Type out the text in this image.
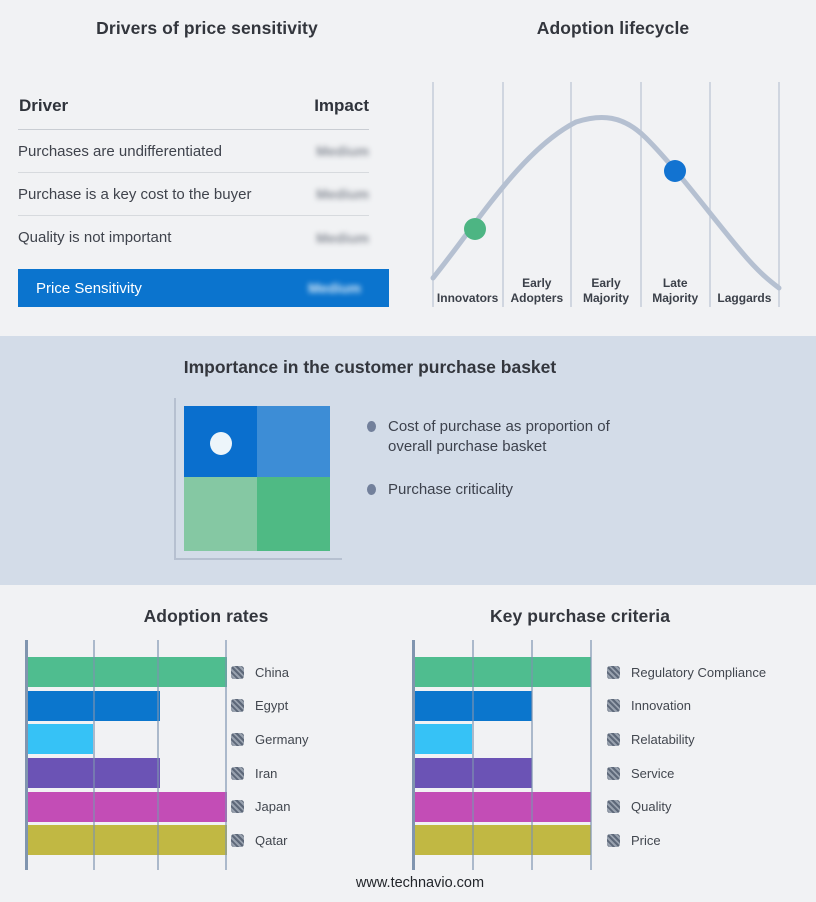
Drivers of price sensitivity
Driver	Impact
Purchases are undifferentiated	Medium
Purchase is a key cost to the buyer	Medium
Quality is not important	Medium
Price Sensitivity	Medium
Adoption lifecycle
Innovators
Early Adopters
Early Majority
Late Majority	Laggards
Importance in the customer purchase basket
Cost of purchase as proportion of overall purchase basket
Purchase criticality
Adoption rates
China
Egypt
Germany
Iran
Japan
Qatar
Key purchase criteria
Regulatory Compliance
Innovation
Relatability
Service
Quality
Price
www.technavio.com
